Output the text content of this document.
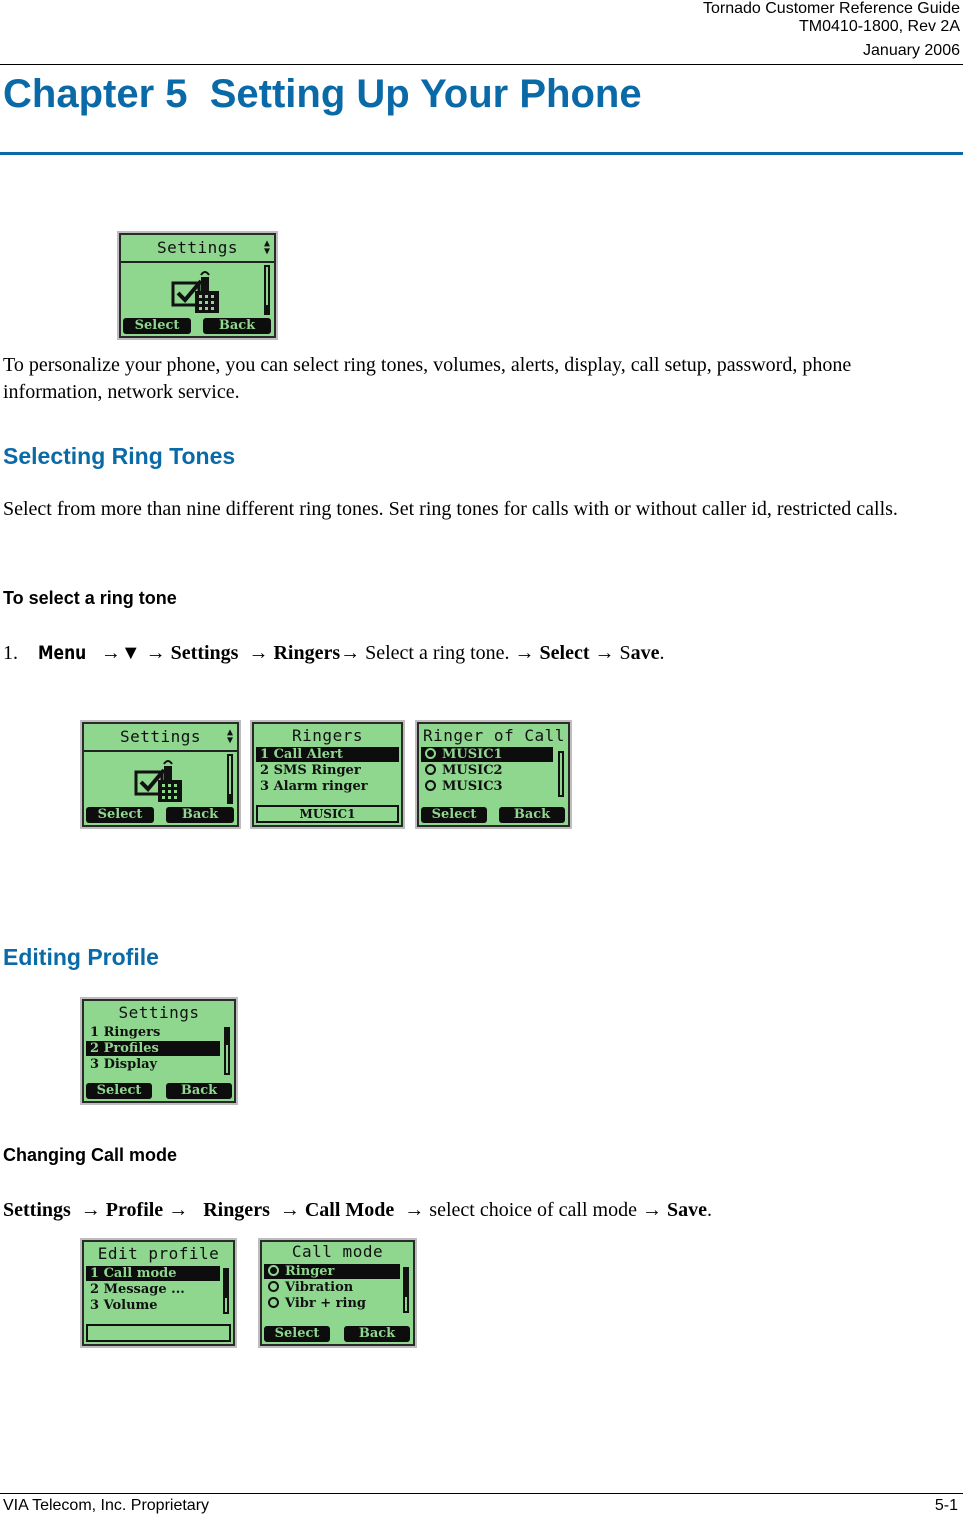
Tornado Customer Reference Guide
TM0410-1800, Rev 2A
January 2006
Chapter 5  Setting Up Your Phone
Settings	▲
▼
Select	Back
To personalize your phone, you can select ring tones, volumes, alerts, display, call setup, password, phone information, network service.
Selecting Ring Tones
Select from more than nine different ring tones. Set ring tones for calls with or without caller id, restricted calls.
To select a ring tone
1. Menu →▼ → Settings → Ringers→ Select a ring tone. → Select → Save.
Settings	▲
▼
Select	Back
Ringers
1 Call Alert
2 SMS Ringer
3 Alarm ringer
MUSIC1
Ringer of Call
MUSIC1
MUSIC2
MUSIC3
Select	Back
Editing Profile
Settings
1 Ringers
2 Profiles
3 Display
Select	Back
Changing Call mode
Settings → Profile → Ringers → Call Mode → select choice of call mode → Save.
Edit profile
1 Call mode
2 Message ...
3 Volume
Call mode
Ringer
Vibration
Vibr + ring
Select	Back
VIA Telecom, Inc. Proprietary	5-1
